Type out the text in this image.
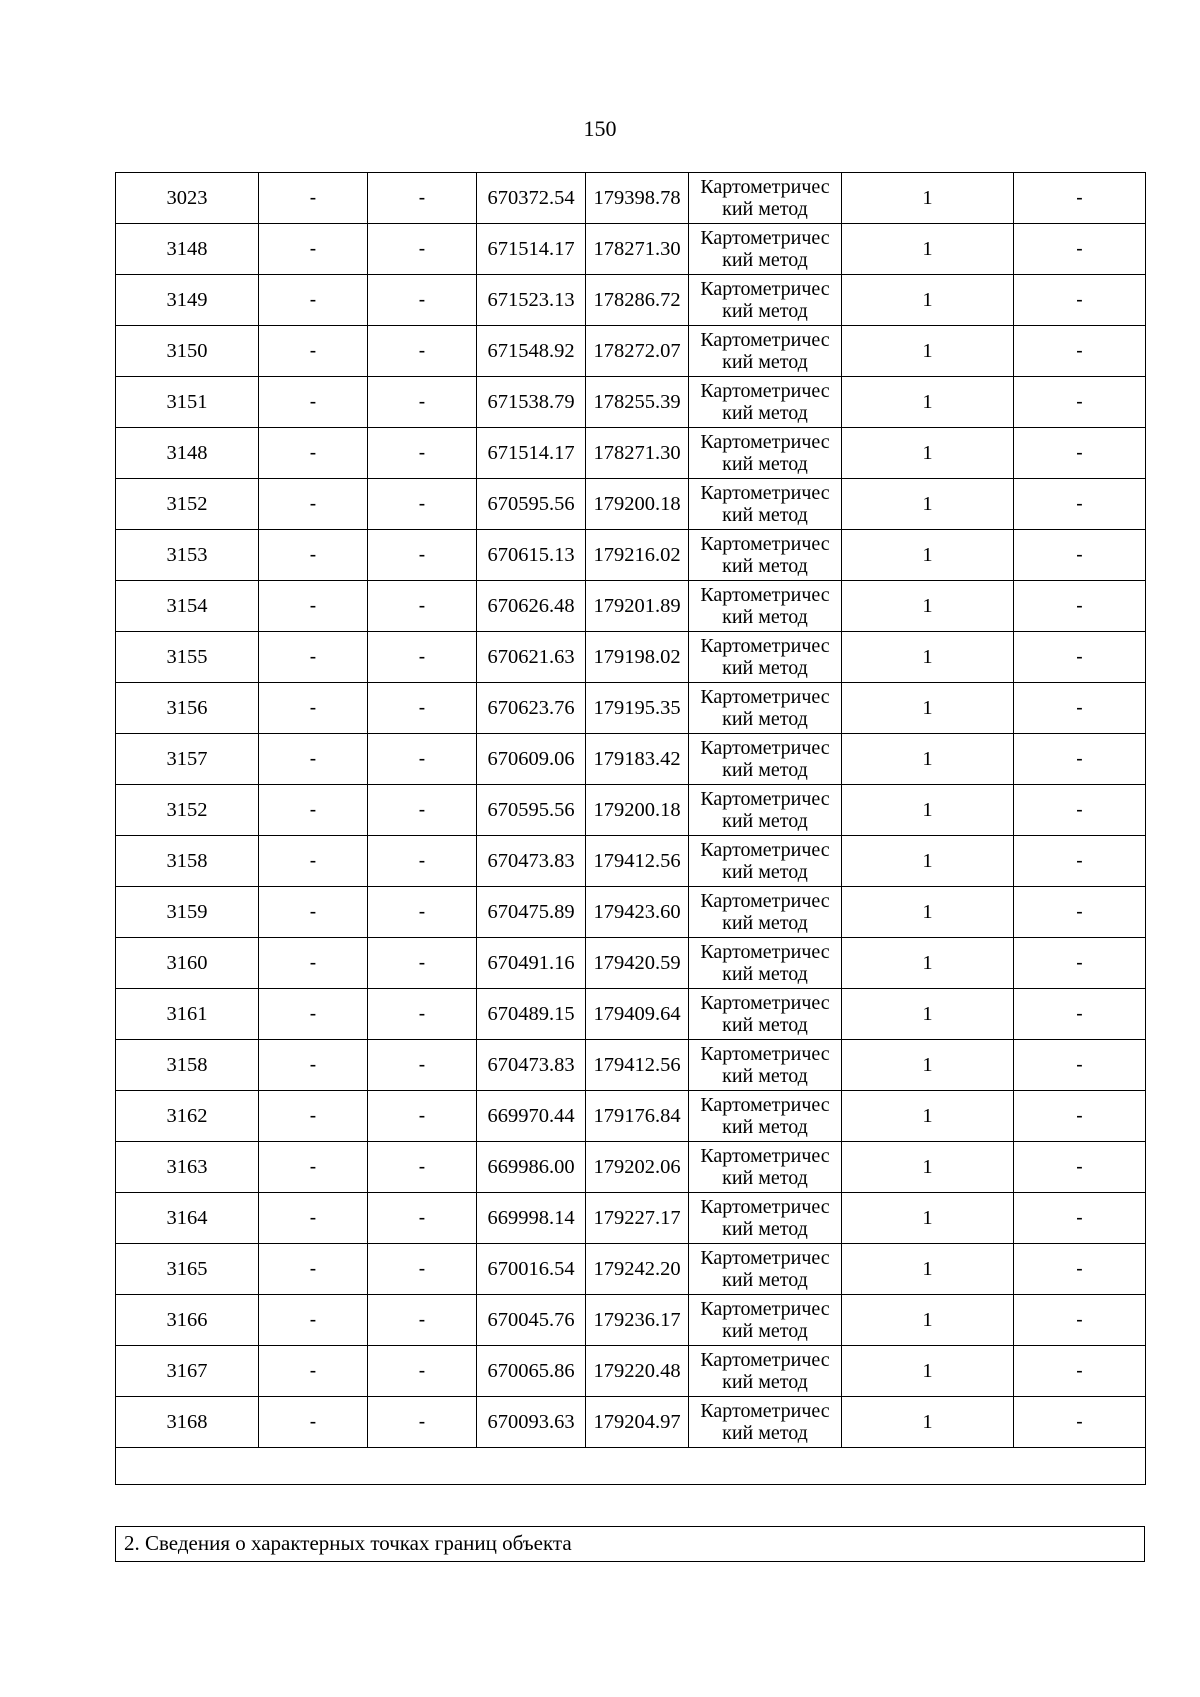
150
3023	-	-	670372.54	179398.78	Картометричес кий метод	1	-
3148	-	-	671514.17	178271.30	Картометричес кий метод	1	-
3149	-	-	671523.13	178286.72	Картометричес кий метод	1	-
3150	-	-	671548.92	178272.07	Картометричес кий метод	1	-
3151	-	-	671538.79	178255.39	Картометричес кий метод	1	-
3148	-	-	671514.17	178271.30	Картометричес кий метод	1	-
3152	-	-	670595.56	179200.18	Картометричес кий метод	1	-
3153	-	-	670615.13	179216.02	Картометричес кий метод	1	-
3154	-	-	670626.48	179201.89	Картометричес кий метод	1	-
3155	-	-	670621.63	179198.02	Картометричес кий метод	1	-
3156	-	-	670623.76	179195.35	Картометричес кий метод	1	-
3157	-	-	670609.06	179183.42	Картометричес кий метод	1	-
3152	-	-	670595.56	179200.18	Картометричес кий метод	1	-
3158	-	-	670473.83	179412.56	Картометричес кий метод	1	-
3159	-	-	670475.89	179423.60	Картометричес кий метод	1	-
3160	-	-	670491.16	179420.59	Картометричес кий метод	1	-
3161	-	-	670489.15	179409.64	Картометричес кий метод	1	-
3158	-	-	670473.83	179412.56	Картометричес кий метод	1	-
3162	-	-	669970.44	179176.84	Картометричес кий метод	1	-
3163	-	-	669986.00	179202.06	Картометричес кий метод	1	-
3164	-	-	669998.14	179227.17	Картометричес кий метод	1	-
3165	-	-	670016.54	179242.20	Картометричес кий метод	1	-
3166	-	-	670045.76	179236.17	Картометричес кий метод	1	-
3167	-	-	670065.86	179220.48	Картометричес кий метод	1	-
3168	-	-	670093.63	179204.97	Картометричес кий метод	1	-

2. Сведения о характерных точках границ объекта
